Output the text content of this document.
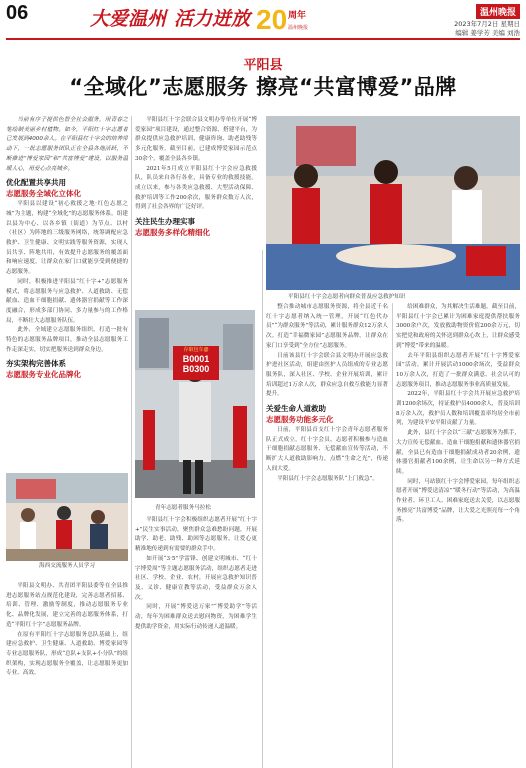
06	大爱温州 活力迸放 20 周年
温州晚报
温州晚报
2023年7月2日 星期日
编辑 姜学芳 美编 刘浩
平阳县
“全域化”志愿服务 擦亮“共富博爱”品牌

当前有序子提供色智全社会服务，用青春之笔绘制美丽乡村植物。如今，平阳红十字志愿者已发展到4000余人。在平阳县红十字会的培养带动下，一批志愿服务团队正在全县各地活跃，不断推进“博爱家园”和“共富博爱”建设，以服务温暖人心，用爱心点亮城乡。

优化配置共享共用
志愿服务全域化立体化

平阳县以建设“初心救援之地·红色志愿之城”为主题，构建“全域化”的志愿服务体系。组建以县为中心、以各乡镇（街道）为节点、以村（社区）为阵地的三级服务网络，统筹调配应急救护、卫生健康、文明实践等服务资源，实现人员共享、阵地共用，有效提升志愿服务的覆盖面和响应速度，让群众在家门口就能享受到便捷的志愿服务。

同时，积极推进平阳县“红十字+”志愿服务模式，将志愿服务与应急救护、人道救助、无偿献血、造血干细胞捐献、遗体器官捐献等工作深度融合，形成多部门协同、多力量参与的工作格局，不断壮大志愿服务队伍。

此外，全域建立志愿服务组织，打造一批有特色的志愿服务品牌项目，推动全县志愿服务工作走深走实，切实把服务送到群众身边。

夯实架构完善体系
志愿服务专业化品牌化
海西交流服务人员学习

平阳县文明办、共青团平阳县委等在全县推进志愿服务站点规范化建设，完善志愿者招募、培训、管理、激励等制度，推动志愿服务专业化、品牌化发展，建立完善的志愿服务体系，打造“平阳红十字”志愿服务品牌。

在原有平阳红十字志愿服务总队基础上，组建应急救护、卫生健康、人道救助、博爱家园等专业志愿服务队，形成“总队+支队+小分队”的组织架构，实现志愿服务全覆盖，让志愿服务更加专业、高效。

平阳县红十字会联合县文明办等单位开展“博爱家园”项目建设，通过整合资源、搭建平台，为群众提供应急救护培训、健康咨询、助老助残等多元化服务。截至目前，已建成博爱家园示范点30余个，覆盖全县各乡镇。

2021年5月成立平阳县红十字会应急救援队，队员来自各行各业，具备专业的救援技能。成立以来，参与各类应急救援、大型活动保障、救护培训等工作200余次，服务群众数万人次，得到了社会各界的广泛好评。

关注民生办理实事
志愿服务多样化精细化
存取包车@
B0001
B0300
青年志愿者服务马拉松

平阳县红十字会积极组织志愿者开展“红十字+”民生实事活动，聚焦群众急难愁盼问题，开展助学、助老、助残、助困等志愿服务，让爱心更精准地传递到有需要的群众手中。

如开展“3·5”学雷锋、创建文明城市、“红十字博爱周”等主题志愿服务活动，组织志愿者走进社区、学校、企业、农村，开展应急救护知识普及、义诊、健康宣教等活动，受益群众万余人次。

同时，开展“博爱送万家”“博爱助学”等活动，每年为困难群众送去慰问物资，为困难学生提供助学资金，用实际行动传递人道温暖。

平阳县红十字会志愿者向群众普及应急救护知识

整合推动城市志愿服务资源，将全县近千名红十字志愿者纳入统一管理，开展“红色代办员”“为群众服务”等活动，累计服务群众12万余人次。打造“幸福微家园”志愿服务品牌，让群众在家门口享受到“全方位”志愿服务。

日前该县红十字会联合县文明办开展应急救护进社区活动，组建由医护人员组成的专业志愿服务队，深入社区、学校、企业开展培训，累计培训超过1万余人次，群众应急自救互救能力显著提升。

关爱生命人道救助
志愿服务功能多元化

日前，平阳县首支红十字会青年志愿者服务队正式成立，红十字会员、志愿者积极参与造血干细胞捐献志愿服务、无偿献血宣传等活动，不断扩大人道救助影响力，点燃“生命之光”，传递人间大爱。

平阳县红十字会志愿服务队“上门救急”。

给困难群众，为其解决生活难题。截至目前，平阳县红十字会已累计为困难家庭提供帮扶服务3000余户次，发放救助物资价值200余万元，切实把党和政府的关怀送到群众心坎上，让群众感受到“博爱”带来的温暖。

去年平阳县组织志愿者开展“红十字博爱家园”活动，累计开展活动1000余场次，受益群众10万余人次，打造了一批群众满意、社会认可的志愿服务项目，推动志愿服务事业高质量发展。

2022年，平阳县红十字会共开展应急救护培训1200余场次，持证救护员4000余人，普及培训8万余人次，救护员人数和培训覆盖率均居全市前列，为建设平安平阳贡献了力量。

此外，县红十字会以“三献”志愿服务为抓手，大力宣传无偿献血、造血干细胞捐献和遗体器官捐献，全县已有造血干细胞捐献成功者20余例，遗体器官捐献者100余例，让生命以另一种方式延续。

同时，马站镇红十字会博爱家园，每年组织志愿者开展“博爱送清凉”“暖冬行动”等活动，为高温作业者、环卫工人、困难家庭送去关爱，以志愿服务擦亮“共富博爱”品牌，让大爱之光照亮每一个角落。
